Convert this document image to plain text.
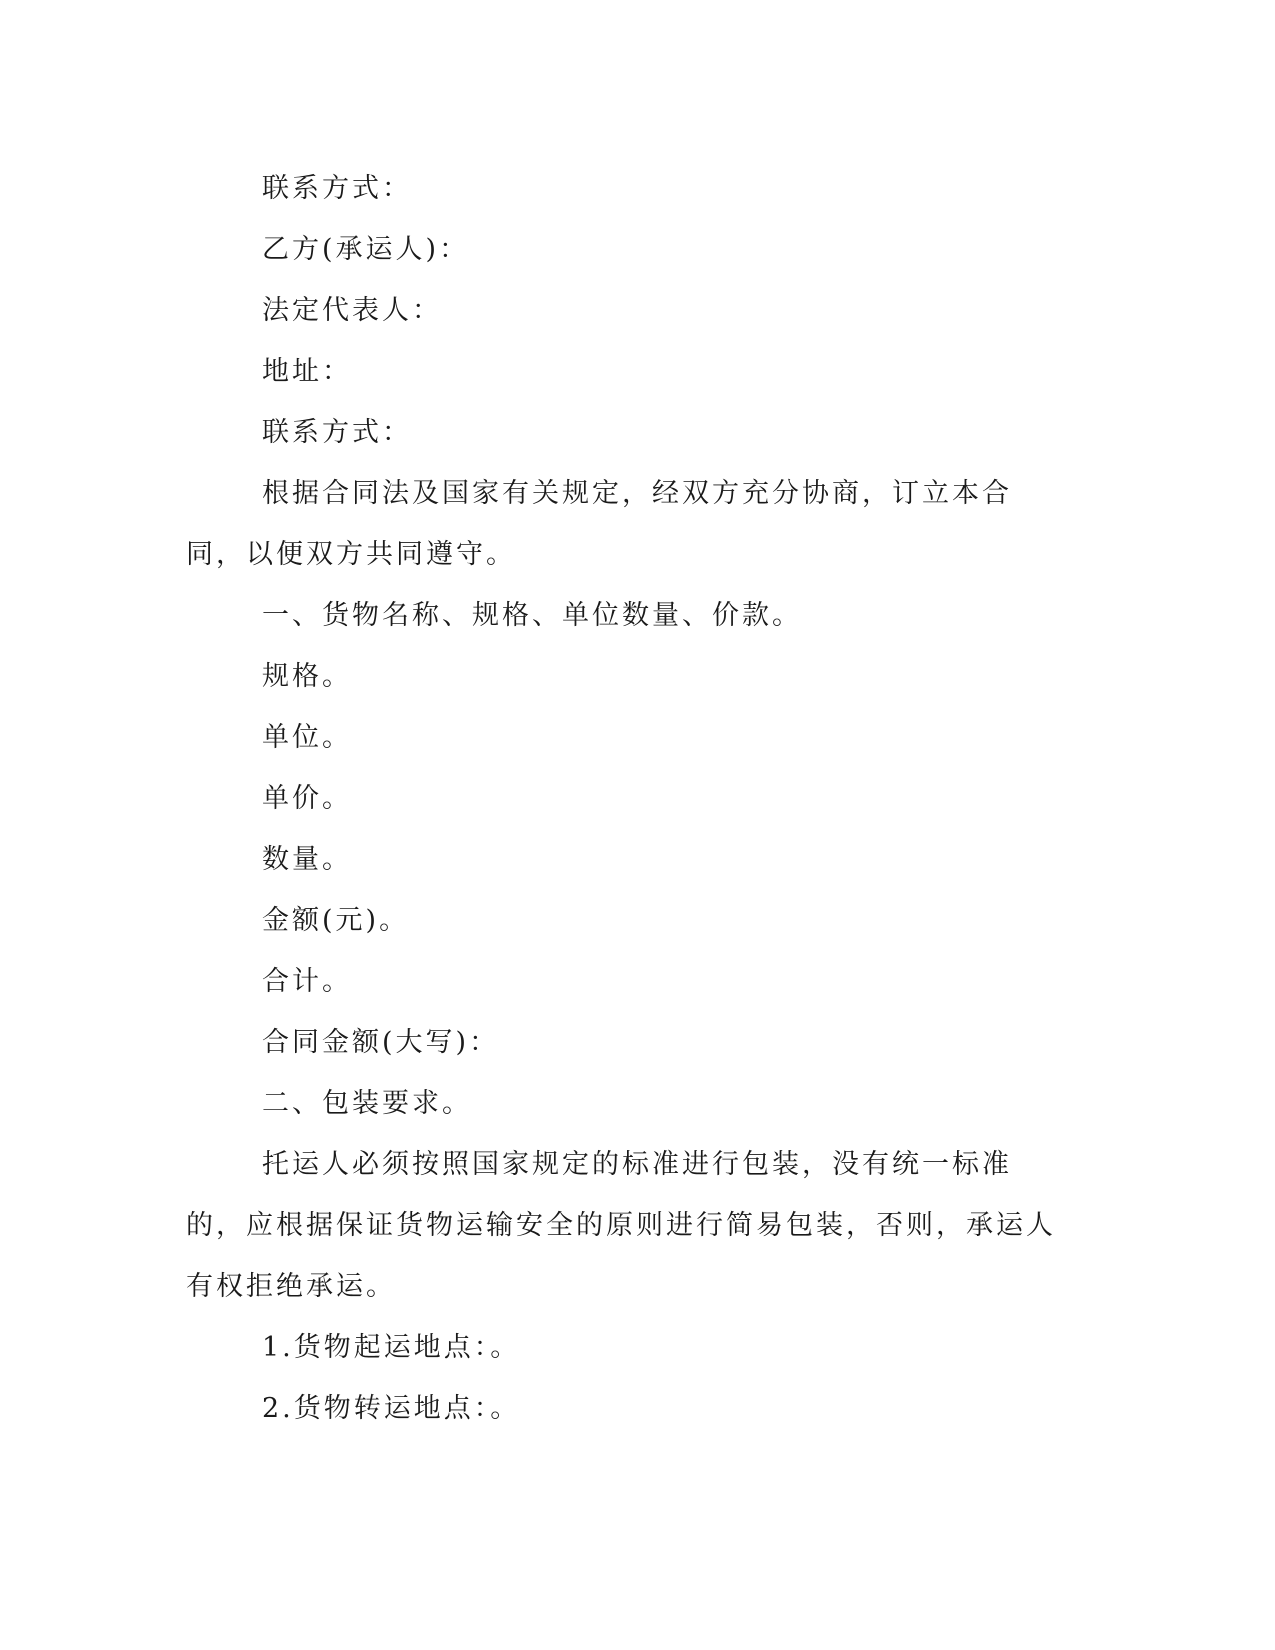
联系方式：

乙方(承运人)：

法定代表人：

地址：

联系方式：

根据合同法及国家有关规定，经双方充分协商，订立本合同，以便双方共同遵守。

一、货物名称、规格、单位数量、价款。

规格。

单位。

单价。

数量。

金额(元)。

合计。

合同金额(大写)：

二、包装要求。

托运人必须按照国家规定的标准进行包装，没有统一标准的，应根据保证货物运输安全的原则进行简易包装，否则，承运人有权拒绝承运。

1.货物起运地点：。

2.货物转运地点：。
